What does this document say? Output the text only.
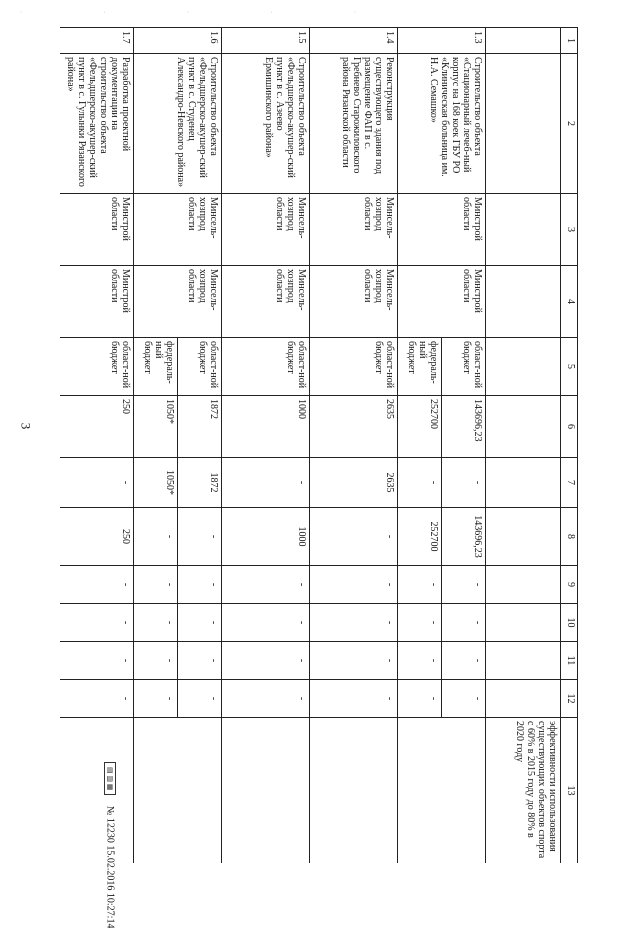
· · · · ·
3
1	2	3	4	5	6	7	8	9	10	11	12	13
												эффективности использования существующих объектов спорта с 60% в 2015 году до 80% в 2020 году
1.3	Строительство объекта «Стационарный лечеб-ный корпус на 168 коек ГБУ РО «Клиническая больница им. Н.А. Семашко»	Минстрой области	Минстрой области	област-ной бюджет	143696,23	-	143696,23	-	-	-	-	
				федераль-ный бюджет	252700	-	252700	-	-	-	-	
1.4	Реконструкция существующего здания под размещение ФАП в с. Гребнево Старожиловского района Рязанской области	Минсель-хозпрод области	Минсель-хозпрод области	област-ной бюджет	2635	2635	-	-	-	-	-	
1.5	Строительство объекта «Фельдшерско-акушер-ский пункт в с. Азеево Ермишинского района»	Минсель-хозпрод области	Минсель-хозпрод области	област-ной бюджет	1000	-	1000	-	-	-	-	
1.6	Строительство объекта «Фельдшерско-акушер-ский пункт в с. Студенец Александро-Невского района»	Минсель-хозпрод области	Минсель-хозпрод области	област-ной бюджет	1872	1872	-	-	-	-	-	
				федераль-ный бюджет	1050*	1050*	-	-	-	-	-	
1.7	Разработка проектной документации на строительство объекта «Фельдшерско-акушер-ский пункт в с. Гулынки Рязанского района»	Минстрой области	Минстрой области	област-ной бюджет	250	-	250	-	-	-	-	
▤ ▥ ▦ № 12230 15.02.2016 10:27:14
